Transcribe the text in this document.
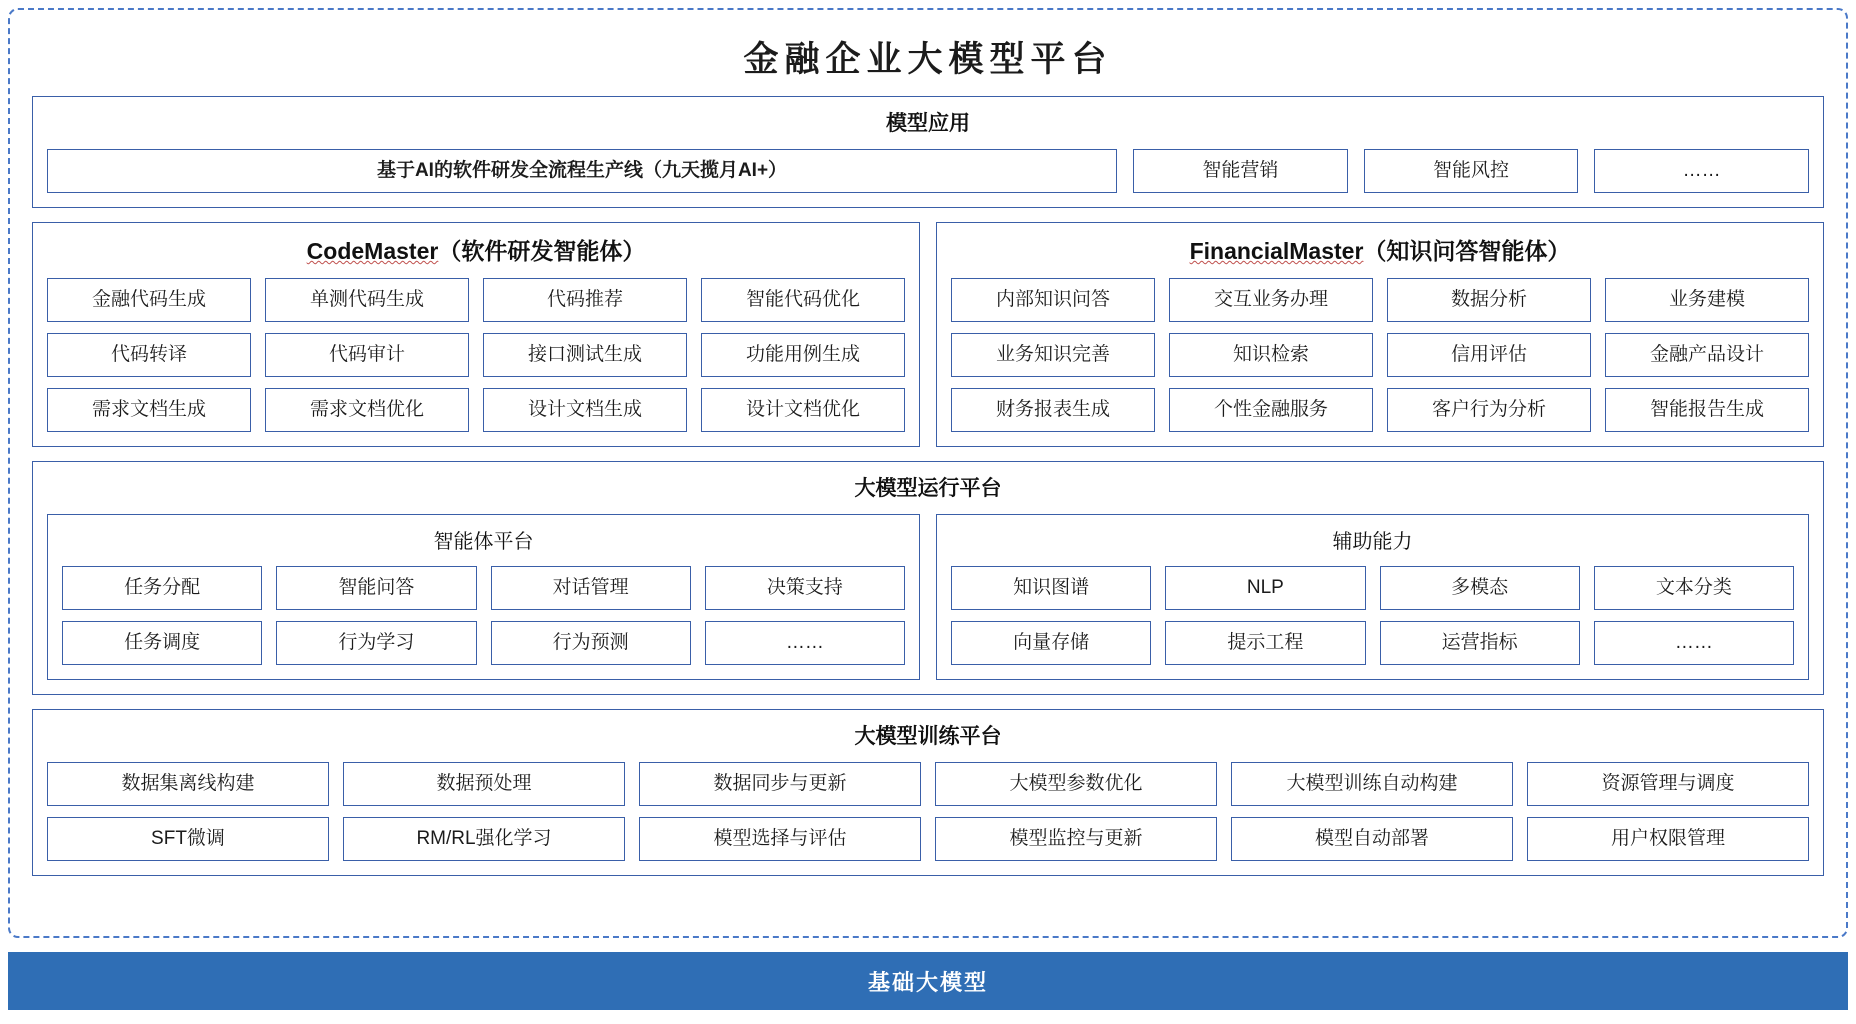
金融企业大模型平台
模型应用
基于AI的软件研发全流程生产线（九天揽月AI+）	智能营销	智能风控	……
CodeMaster（软件研发智能体）
金融代码生成	单测代码生成	代码推荐	智能代码优化
代码转译	代码审计	接口测试生成	功能用例生成
需求文档生成	需求文档优化	设计文档生成	设计文档优化
FinancialMaster（知识问答智能体）
内部知识问答	交互业务办理	数据分析	业务建模
业务知识完善	知识检索	信用评估	金融产品设计
财务报表生成	个性金融服务	客户行为分析	智能报告生成
大模型运行平台
智能体平台
任务分配	智能问答	对话管理	决策支持
任务调度	行为学习	行为预测	……
辅助能力
知识图谱	NLP	多模态	文本分类
向量存储	提示工程	运营指标	……
大模型训练平台
数据集离线构建	数据预处理	数据同步与更新	大模型参数优化	大模型训练自动构建	资源管理与调度
SFT微调	RM/RL强化学习	模型选择与评估	模型监控与更新	模型自动部署	用户权限管理
基础大模型
